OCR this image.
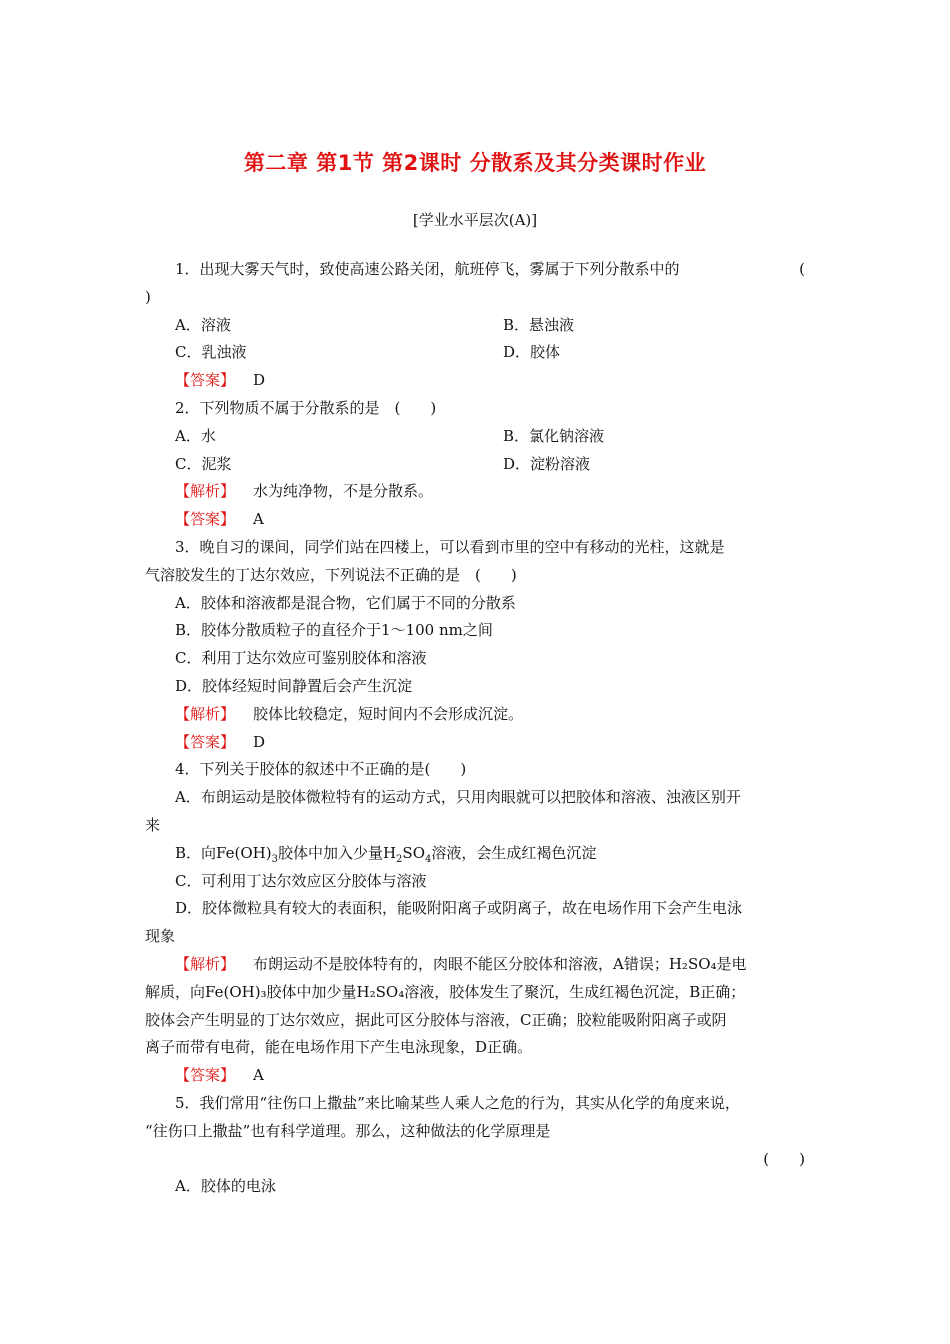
第二章 第1节 第2课时 分散系及其分类课时作业
[学业水平层次(A)]
1．出现大雾天气时，致使高速公路关闭，航班停飞，雾属于下列分散系中的	(
)
A．溶液	B．悬浊液
C．乳浊液	D．胶体
【答案】 D
2．下列物质不属于分散系的是　(　　)
A．水	B．氯化钠溶液
C．泥浆	D．淀粉溶液
【解析】 水为纯净物，不是分散系。
【答案】 A
3．晚自习的课间，同学们站在四楼上，可以看到市里的空中有移动的光柱，这就是
气溶胶发生的丁达尔效应，下列说法不正确的是　(　　)
A．胶体和溶液都是混合物，它们属于不同的分散系
B．胶体分散质粒子的直径介于1～100 nm之间
C．利用丁达尔效应可鉴别胶体和溶液
D．胶体经短时间静置后会产生沉淀
【解析】 胶体比较稳定，短时间内不会形成沉淀。
【答案】 D
4．下列关于胶体的叙述中不正确的是(　　)
A．布朗运动是胶体微粒特有的运动方式，只用肉眼就可以把胶体和溶液、浊液区别开
来
B．向$Fe(OH)_3$胶体中加入少量$H_2SO_4$溶液，会生成红褐色沉淀
C．可利用丁达尔效应区分胶体与溶液
D．胶体微粒具有较大的表面积，能吸附阳离子或阴离子，故在电场作用下会产生电泳
现象
【解析】 布朗运动不是胶体特有的，肉眼不能区分胶体和溶液，A错误；H₂SO₄是电
解质，向Fe(OH)₃胶体中加少量H₂SO₄溶液，胶体发生了聚沉，生成红褐色沉淀，B正确；
胶体会产生明显的丁达尔效应，据此可区分胶体与溶液，C正确；胶粒能吸附阳离子或阴
离子而带有电荷，能在电场作用下产生电泳现象，D正确。
【答案】 A
5．我们常用“往伤口上撒盐”来比喻某些人乘人之危的行为，其实从化学的角度来说，
“往伤口上撒盐”也有科学道理。那么，这种做法的化学原理是
(　　)
A．胶体的电泳
